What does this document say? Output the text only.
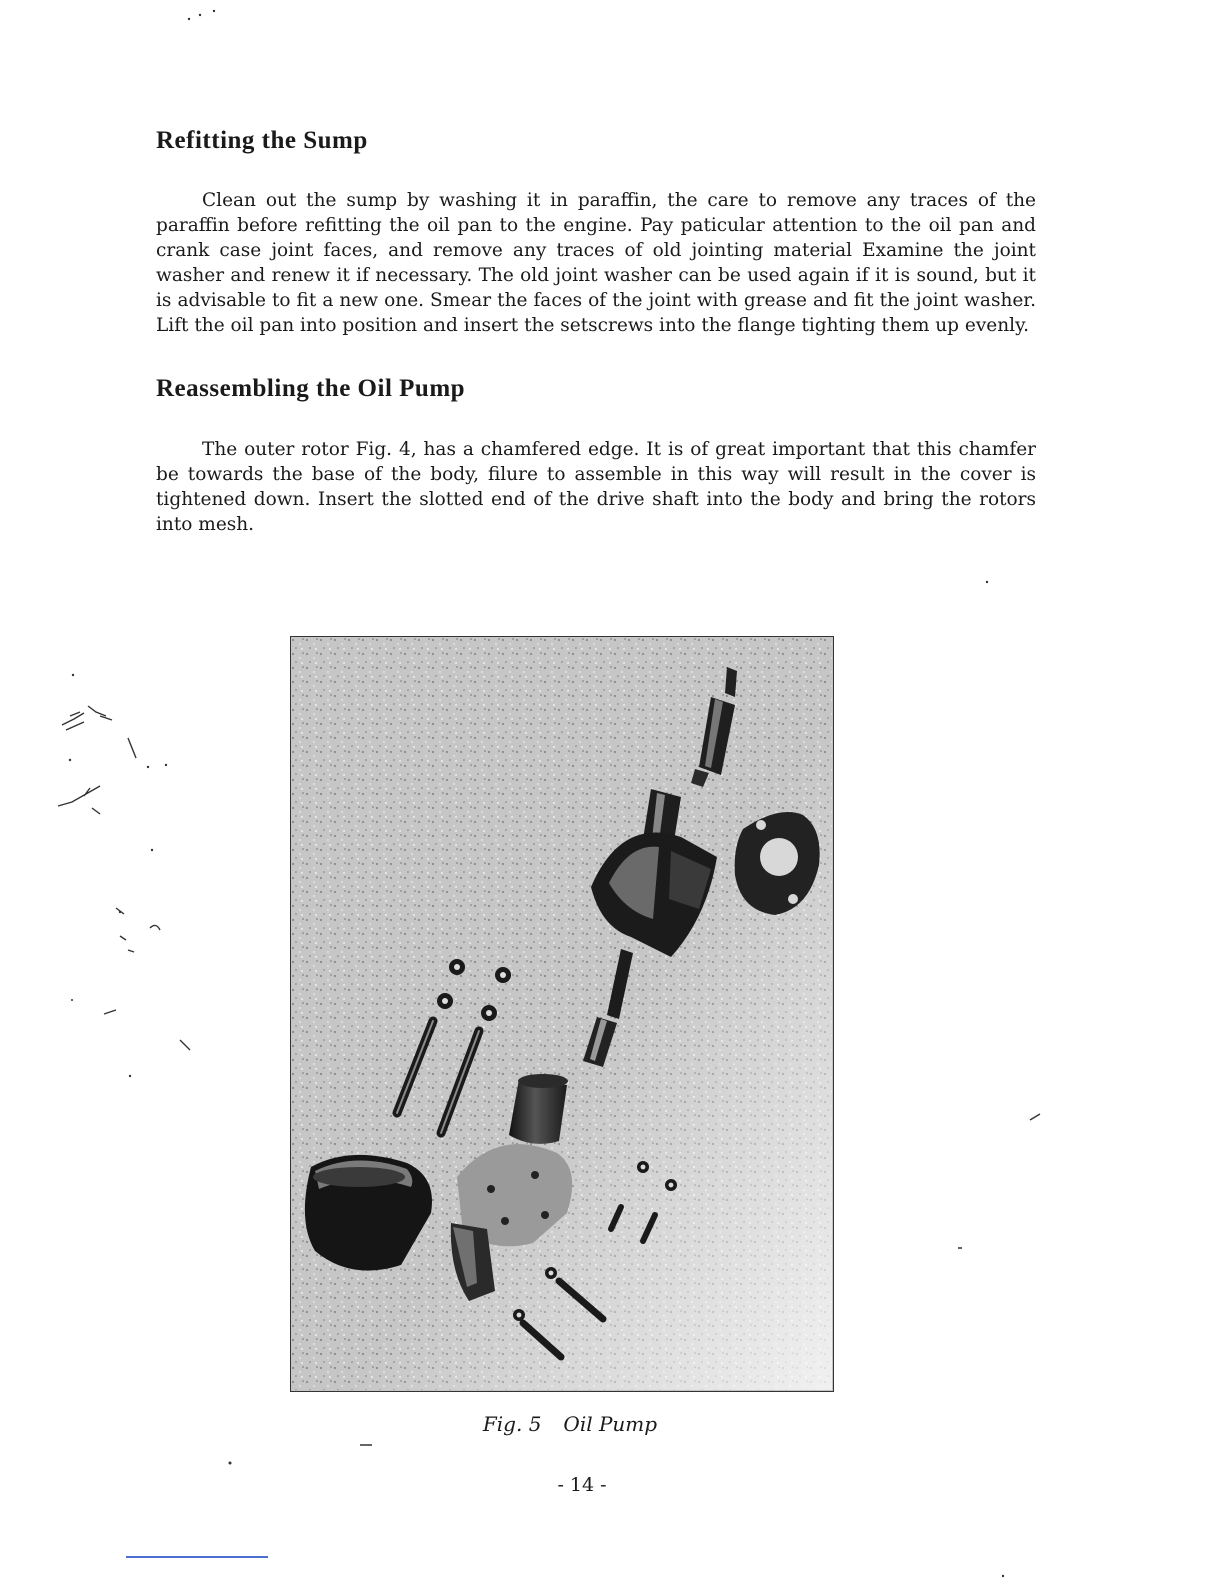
Refitting the Sump

Clean out the sump by washing it in paraffin, the care to remove any traces of the paraffin before refitting the oil pan to the engine. Pay paticular attention to the oil pan and crank case joint faces, and remove any traces of old jointing material Examine the joint washer and renew it if necessary. The old joint washer can be used again if it is sound, but it is advisable to fit a new one. Smear the faces of the joint with grease and fit the joint washer. Lift the oil pan into position and insert the setscrews into the flange tighting them up evenly.

Reassembling the Oil Pump

The outer rotor Fig. 4, has a chamfered edge. It is of great important that this chamfer be towards the base of the body, filure to assemble in this way will result in the cover is tightened down. Insert the slotted end of the drive shaft into the body and bring the rotors into mesh.

Fig. 5 Oil Pump

- 14 -
